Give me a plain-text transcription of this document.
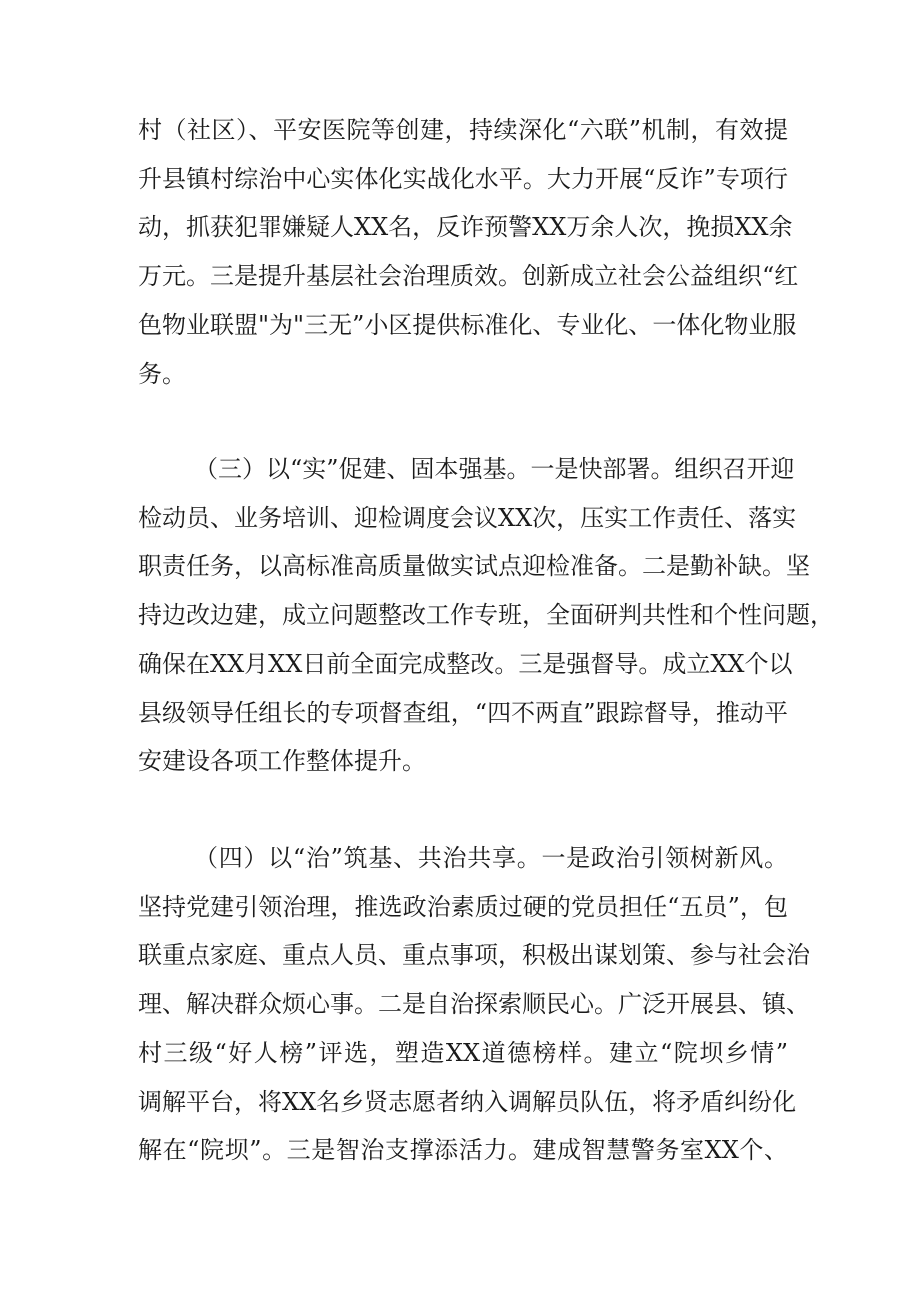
村（社区）、平安医院等创建，持续深化“六联”机制，有效提
升县镇村综治中心实体化实战化水平。大力开展“反诈”专项行
动，抓获犯罪嫌疑人XX名，反诈预警XX万余人次，挽损XX余
万元。三是提升基层社会治理质效。创新成立社会公益组织“红
色物业联盟"为"三无”小区提供标准化、专业化、一体化物业服
务。
（三）以“实”促建、固本强基。一是快部署。组织召开迎
检动员、业务培训、迎检调度会议XX次，压实工作责任、落实
职责任务，以高标准高质量做实试点迎检准备。二是勤补缺。坚
持边改边建，成立问题整改工作专班，全面研判共性和个性问题，
确保在XX月XX日前全面完成整改。三是强督导。成立XX个以
县级领导任组长的专项督查组，“四不两直”跟踪督导，推动平
安建设各项工作整体提升。
（四）以“治”筑基、共治共享。一是政治引领树新风。
坚持党建引领治理，推选政治素质过硬的党员担任“五员”，包
联重点家庭、重点人员、重点事项，积极出谋划策、参与社会治
理、解决群众烦心事。二是自治探索顺民心。广泛开展县、镇、
村三级“好人榜”评选，塑造XX道德榜样。建立“院坝乡情”
调解平台，将XX名乡贤志愿者纳入调解员队伍，将矛盾纠纷化
解在“院坝”。三是智治支撑添活力。建成智慧警务室XX个、
